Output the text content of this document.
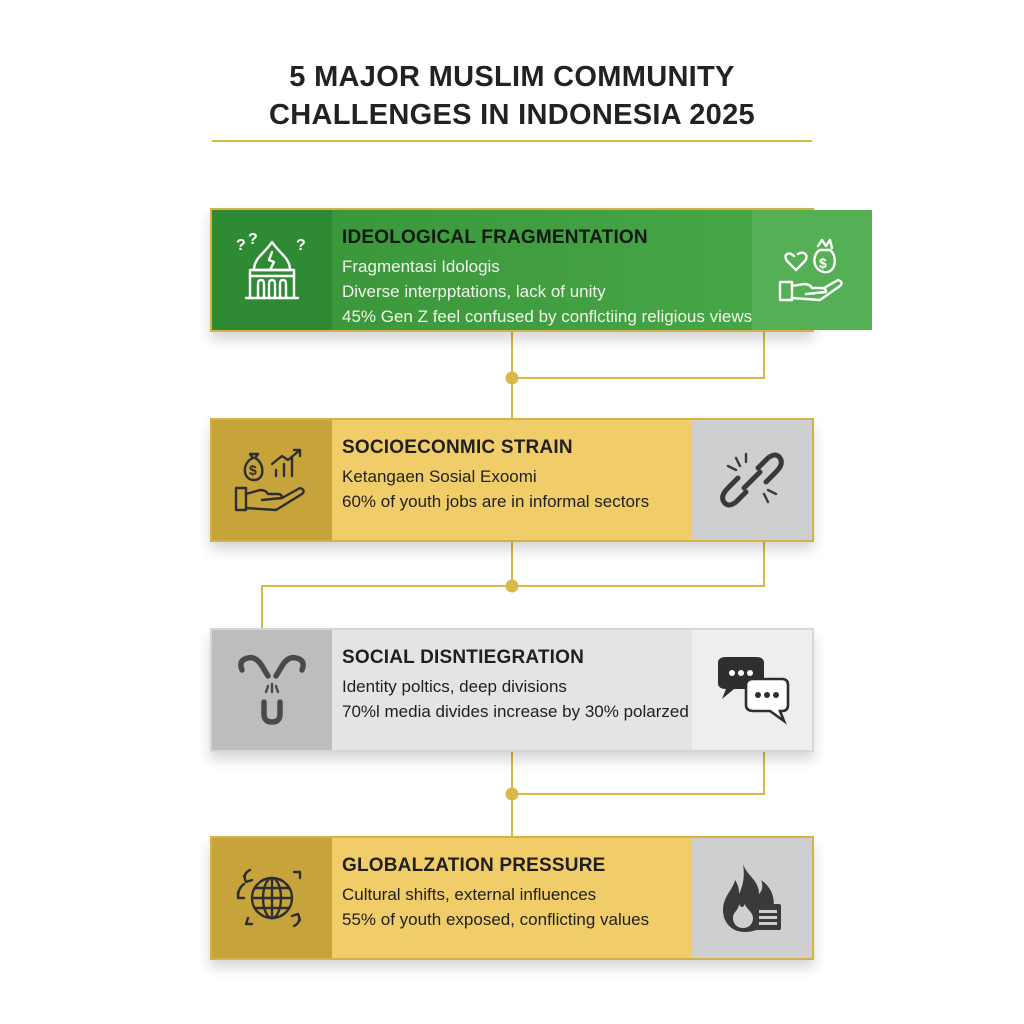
5 MAJOR MUSLIM COMMUNITY
CHALLENGES IN INDONESIA 2025
? ? ? IDEOLOGICAL FRAGMENTATION
Fragmentasi Idologis
Diverse interpptations, lack of unity
45% Gen Z feel confused by conflctiing religious views
$
$
SOCIOECONMIC STRAIN
Ketangaen Sosial Exoomi
60% of youth jobs are in informal sectors
SOCIAL DISNTIEGRATION
Identity poltics, deep divisions
70%l media divides increase by 30% polarzed
GLOBALZATION PRESSURE
Cultural shifts, external influences
55% of youth exposed, conflicting values
